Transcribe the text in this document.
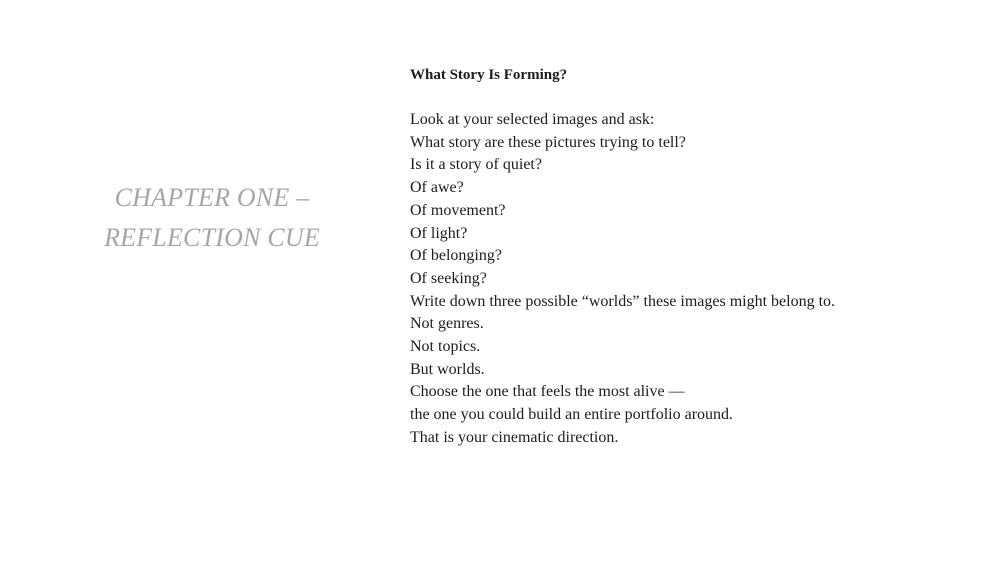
CHAPTER ONE –
REFLECTION CUE
What Story Is Forming?
Look at your selected images and ask:
What story are these pictures trying to tell?
Is it a story of quiet?
Of awe?
Of movement?
Of light?
Of belonging?
Of seeking?
Write down three possible “worlds” these images might belong to.
Not genres.
Not topics.
But worlds.
Choose the one that feels the most alive —
the one you could build an entire portfolio around.
That is your cinematic direction.
